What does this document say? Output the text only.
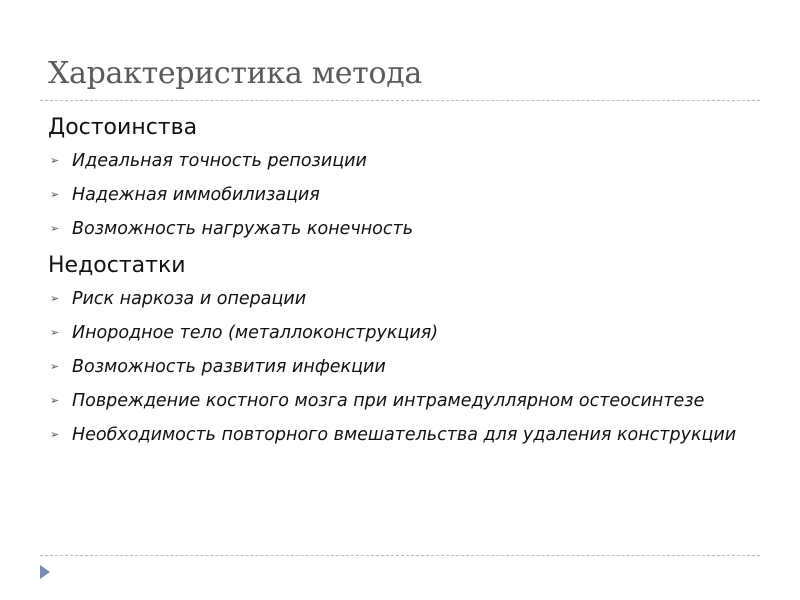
Характеристика метода
Достоинства
➢ Идеальная точность репозиции
➢ Надежная иммобилизация
➢ Возможность нагружать конечность
Недостатки
➢ Риск наркоза и операции
➢ Инородное тело (металлоконструкция)
➢ Возможность развития инфекции
➢ Повреждение костного мозга при интрамедуллярном остеосинтезе
➢ Необходимость повторного вмешательства для удаления конструкции
